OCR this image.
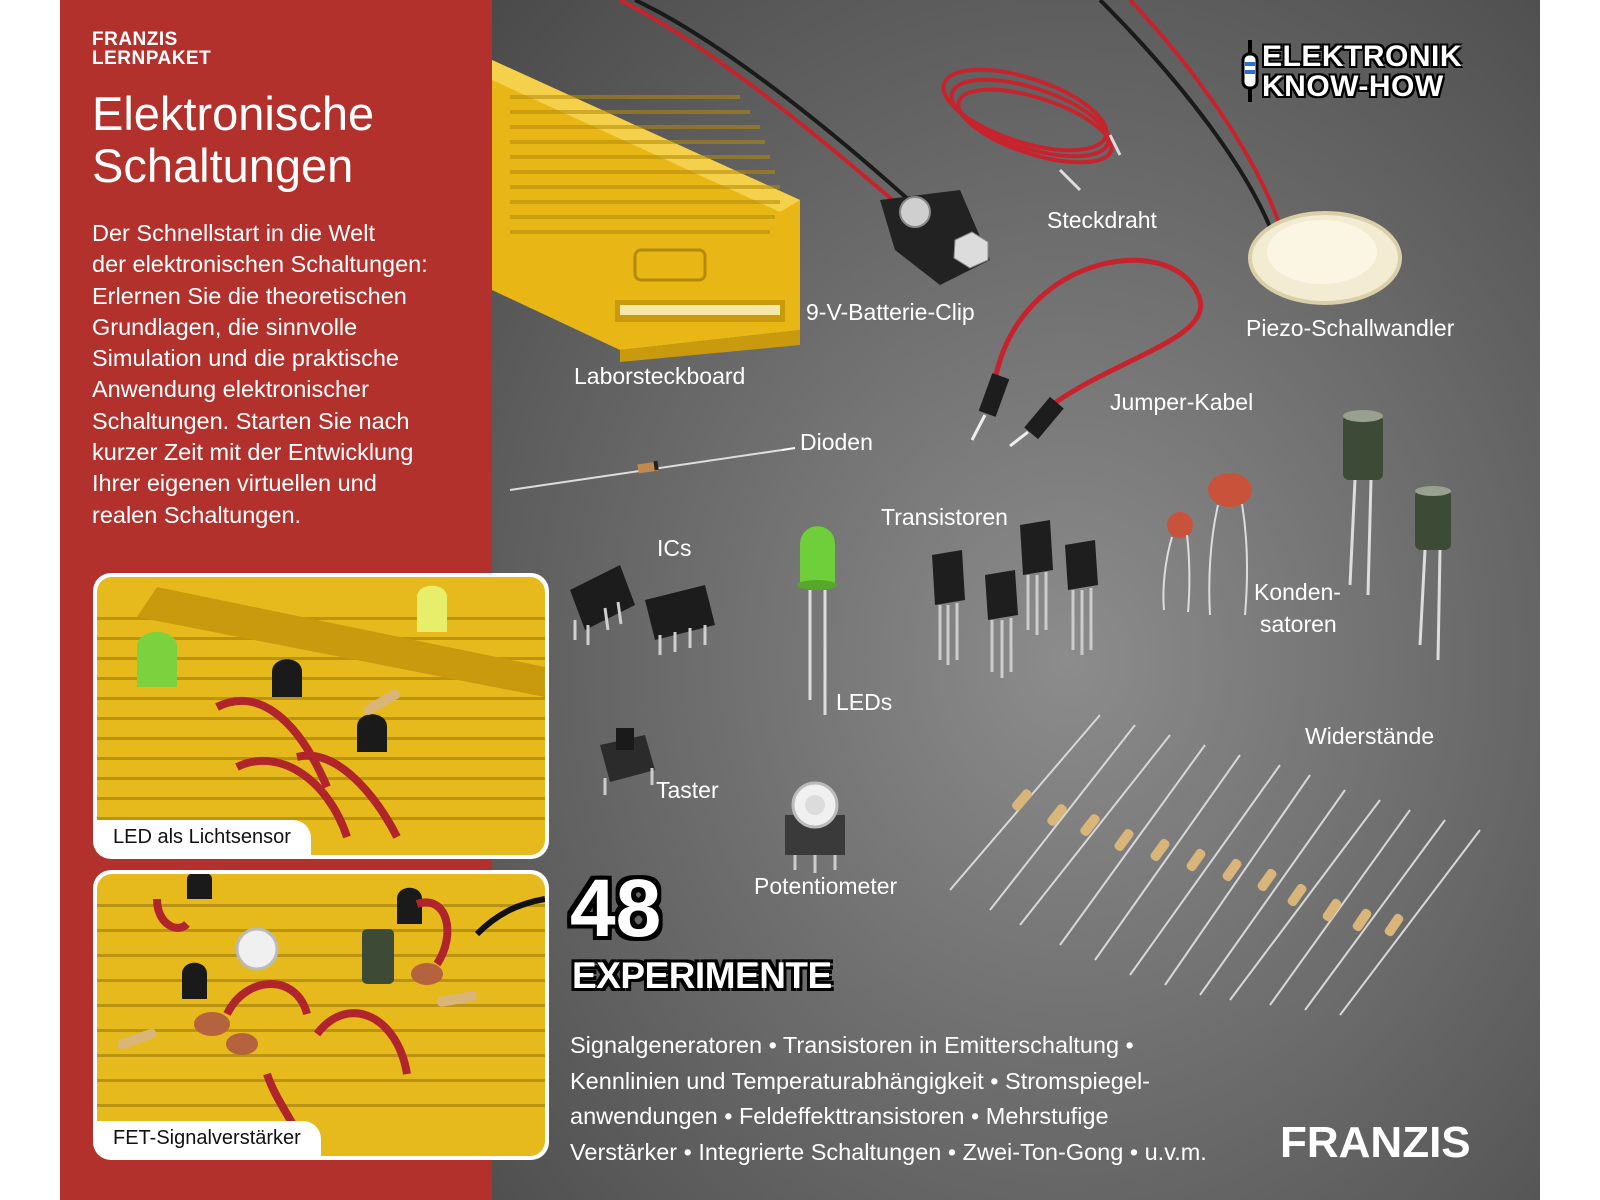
FRANZIS
LERNPAKET
Elektronische
Schaltungen
Der Schnellstart in die Welt
der elektronischen Schaltungen:
Erlernen Sie die theoretischen
Grundlagen, die sinnvolle
Simulation und die praktische
Anwendung elektronischer
Schaltungen. Starten Sie nach
kurzer Zeit mit der Entwicklung
Ihrer eigenen virtuellen und
realen Schaltungen.
LED als Lichtsensor
FET-Signalverstärker
ELEKTRONIK
KNOW-HOW
Steckdraht
9-V-Batterie-Clip
Piezo-Schallwandler
Laborsteckboard
Jumper-Kabel
Dioden
Transistoren
ICs
Konden-
satoren
LEDs
Widerstände
Taster
Potentiometer
48
EXPERIMENTE
Signalgeneratoren • Transistoren in Emitterschaltung •
Kennlinien und Temperaturabhängigkeit • Stromspiegel-
anwendungen • Feldeffekttransistoren • Mehrstufige
Verstärker • Integrierte Schaltungen • Zwei-Ton-Gong • u.v.m.	FRANZIS
